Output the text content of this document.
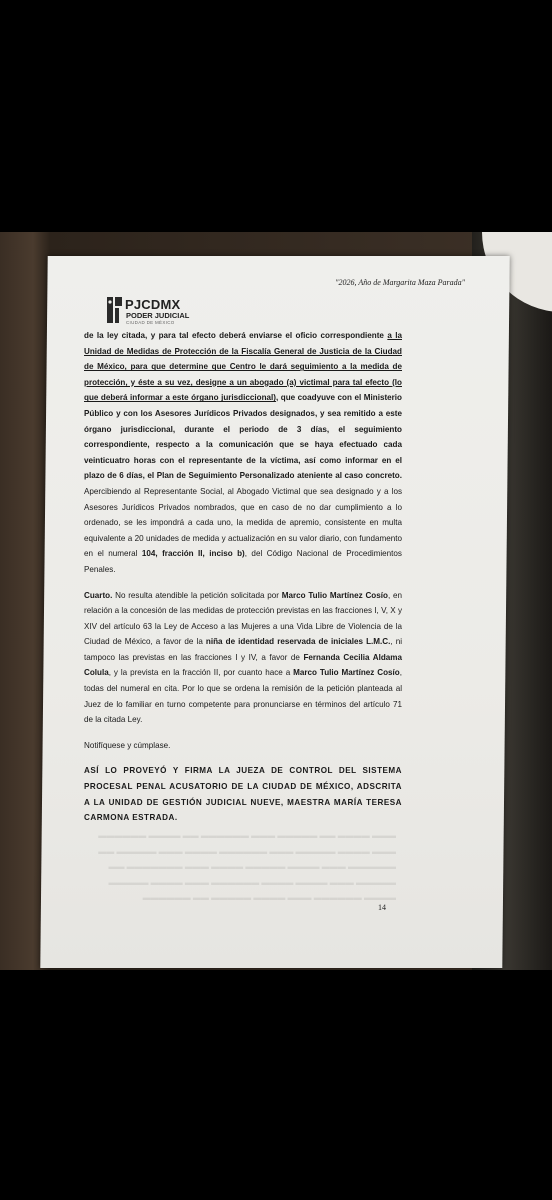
"2026, Año de Margarita Maza Parada"
PJCDMX
PODER JUDICIAL
CIUDAD DE MÉXICO

de la ley citada, y para tal efecto deberá enviarse el oficio correspondiente a la Unidad de Medidas de Protección de la Fiscalía General de Justicia de la Ciudad de México, para que determine que Centro le dará seguimiento a la medida de protección, y éste a su vez, designe a un abogado (a) victimal para tal efecto (lo que deberá informar a este órgano jurisdiccional), que coadyuve con el Ministerio Público y con los Asesores Jurídicos Privados designados, y sea remitido a este órgano jurisdiccional, durante el periodo de 3 días, el seguimiento correspondiente, respecto a la comunicación que se haya efectuado cada veinticuatro horas con el representante de la víctima, así como informar en el plazo de 6 días, el Plan de Seguimiento Personalizado ateniente al caso concreto. Apercibiendo al Representante Social, al Abogado Victimal que sea designado y a los Asesores Jurídicos Privados nombrados, que en caso de no dar cumplimiento a lo ordenado, se les impondrá a cada uno, la medida de apremio, consistente en multa equivalente a 20 unidades de medida y actualización en su valor diario, con fundamento en el numeral 104, fracción II, inciso b), del Código Nacional de Procedimientos Penales.

Cuarto. No resulta atendible la petición solicitada por Marco Tulio Martínez Cosío, en relación a la concesión de las medidas de protección previstas en las fracciones I, V, X y XIV del artículo 63 la Ley de Acceso a las Mujeres a una Vida Libre de Violencia de la Ciudad de México, a favor de la niña de identidad reservada de iniciales L.M.C., ni tampoco las previstas en las fracciones I y IV, a favor de Fernanda Cecilia Aldama Colula, y la prevista en la fracción II, por cuanto hace a Marco Tulio Martínez Cosío, todas del numeral en cita. Por lo que se ordena la remisión de la petición planteada al Juez de lo familiar en turno competente para pronunciarse en términos del artículo 71 de la citada Ley.

Notifíquese y cúmplase.

ASÍ LO PROVEYÓ Y FIRMA LA JUEZA DE CONTROL DEL SISTEMA PROCESAL PENAL ACUSATORIO DE LA CIUDAD DE MÉXICO, ADSCRITA A LA UNIDAD DE GESTIÓN JUDICIAL NUEVE, MAESTRA MARÍA TERESA CARMONA ESTRADA.

▬▬▬ ▬▬▬▬ ▬▬ ▬▬▬▬▬ ▬▬▬ ▬▬▬▬▬▬ ▬▬ ▬▬▬▬ ▬▬▬▬▬▬ ▬▬▬ ▬▬▬▬ ▬▬▬▬▬ ▬▬▬ ▬▬▬▬▬▬ ▬▬▬▬ ▬▬▬ ▬▬▬▬▬ ▬▬ ▬▬▬▬▬▬ ▬▬▬ ▬▬▬▬ ▬▬▬▬▬ ▬▬▬▬ ▬▬▬ ▬▬▬▬▬▬▬ ▬▬ ▬▬▬▬▬ ▬▬▬ ▬▬▬▬ ▬▬▬▬ ▬▬▬▬▬▬ ▬▬▬ ▬▬▬▬ ▬▬▬▬▬ ▬▬▬▬ ▬▬▬▬▬▬ ▬▬▬ ▬▬▬▬ ▬▬▬▬▬ ▬▬ ▬▬▬▬▬▬
14
